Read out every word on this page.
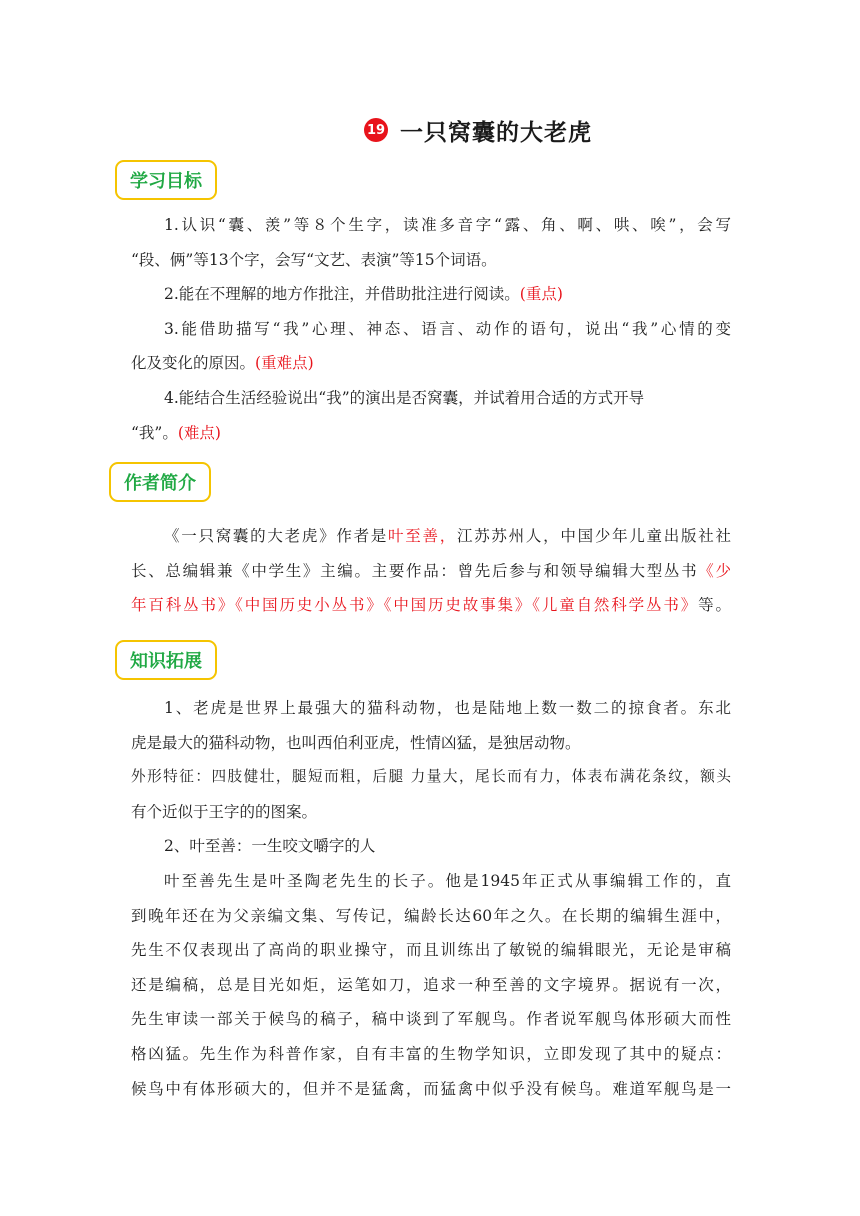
19 一只窝囊的大老虎
学习目标

1.认识“囊、羡”等８个生字，读准多音字“露、角、啊、哄、唉”，会写

“段、俩”等13个字，会写“文艺、表演”等15个词语。

2.能在不理解的地方作批注，并借助批注进行阅读。(重点)

3.能借助描写“我”心理、神态、语言、动作的语句，说出“我”心情的变

化及变化的原因。(重难点)

4.能结合生活经验说出“我”的演出是否窝囊，并试着用合适的方式开导

“我”。(难点)

作者简介

《一只窝囊的大老虎》作者是叶至善，江苏苏州人，中国少年儿童出版社社

长、总编辑兼《中学生》主编。主要作品：曾先后参与和领导编辑大型丛书《少

年百科丛书》《中国历史小丛书》《中国历史故事集》《儿童自然科学丛书》等。

知识拓展

1、老虎是世界上最强大的猫科动物，也是陆地上数一数二的掠食者。东北

虎是最大的猫科动物，也叫西伯利亚虎，性情凶猛，是独居动物。

外形特征：四肢健壮，腿短而粗，后腿 力量大，尾长而有力，体表布满花条纹，额头

有个近似于王字的的图案。

2、叶至善：一生咬文嚼字的人

叶至善先生是叶圣陶老先生的长子。他是1945年正式从事编辑工作的，直

到晚年还在为父亲编文集、写传记，编龄长达60年之久。在长期的编辑生涯中，

先生不仅表现出了高尚的职业操守，而且训练出了敏锐的编辑眼光，无论是审稿

还是编稿，总是目光如炬，运笔如刀，追求一种至善的文字境界。据说有一次，

先生审读一部关于候鸟的稿子，稿中谈到了军舰鸟。作者说军舰鸟体形硕大而性

格凶猛。先生作为科普作家，自有丰富的生物学知识，立即发现了其中的疑点：

候鸟中有体形硕大的，但并不是猛禽，而猛禽中似乎没有候鸟。难道军舰鸟是一
